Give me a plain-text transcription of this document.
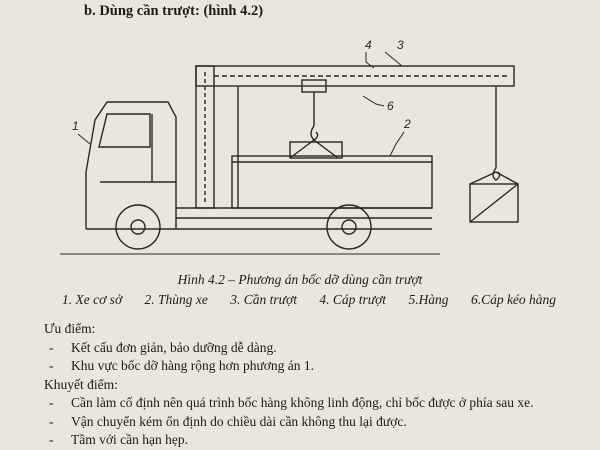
b. Dùng cần trượt: (hình 4.2)
1	2
3
4
6
Hình 4.2 – Phương án bốc dỡ dùng cần trượt
1. Xe cơ sở 2. Thùng xe 3. Cần trượt 4. Cáp trượt 5.Hàng 6.Cáp kéo hàng
Ưu điểm:
- Kết cấu đơn giản, bảo dưỡng dễ dàng.
- Khu vực bốc dỡ hàng rộng hơn phương án 1.
Khuyết điểm:
- Cần làm cố định nên quá trình bốc hàng không linh động, chỉ bốc được ở phía sau xe.
- Vận chuyển kém ổn định do chiều dài cần không thu lại được.
- Tầm với cần hạn hẹp.
